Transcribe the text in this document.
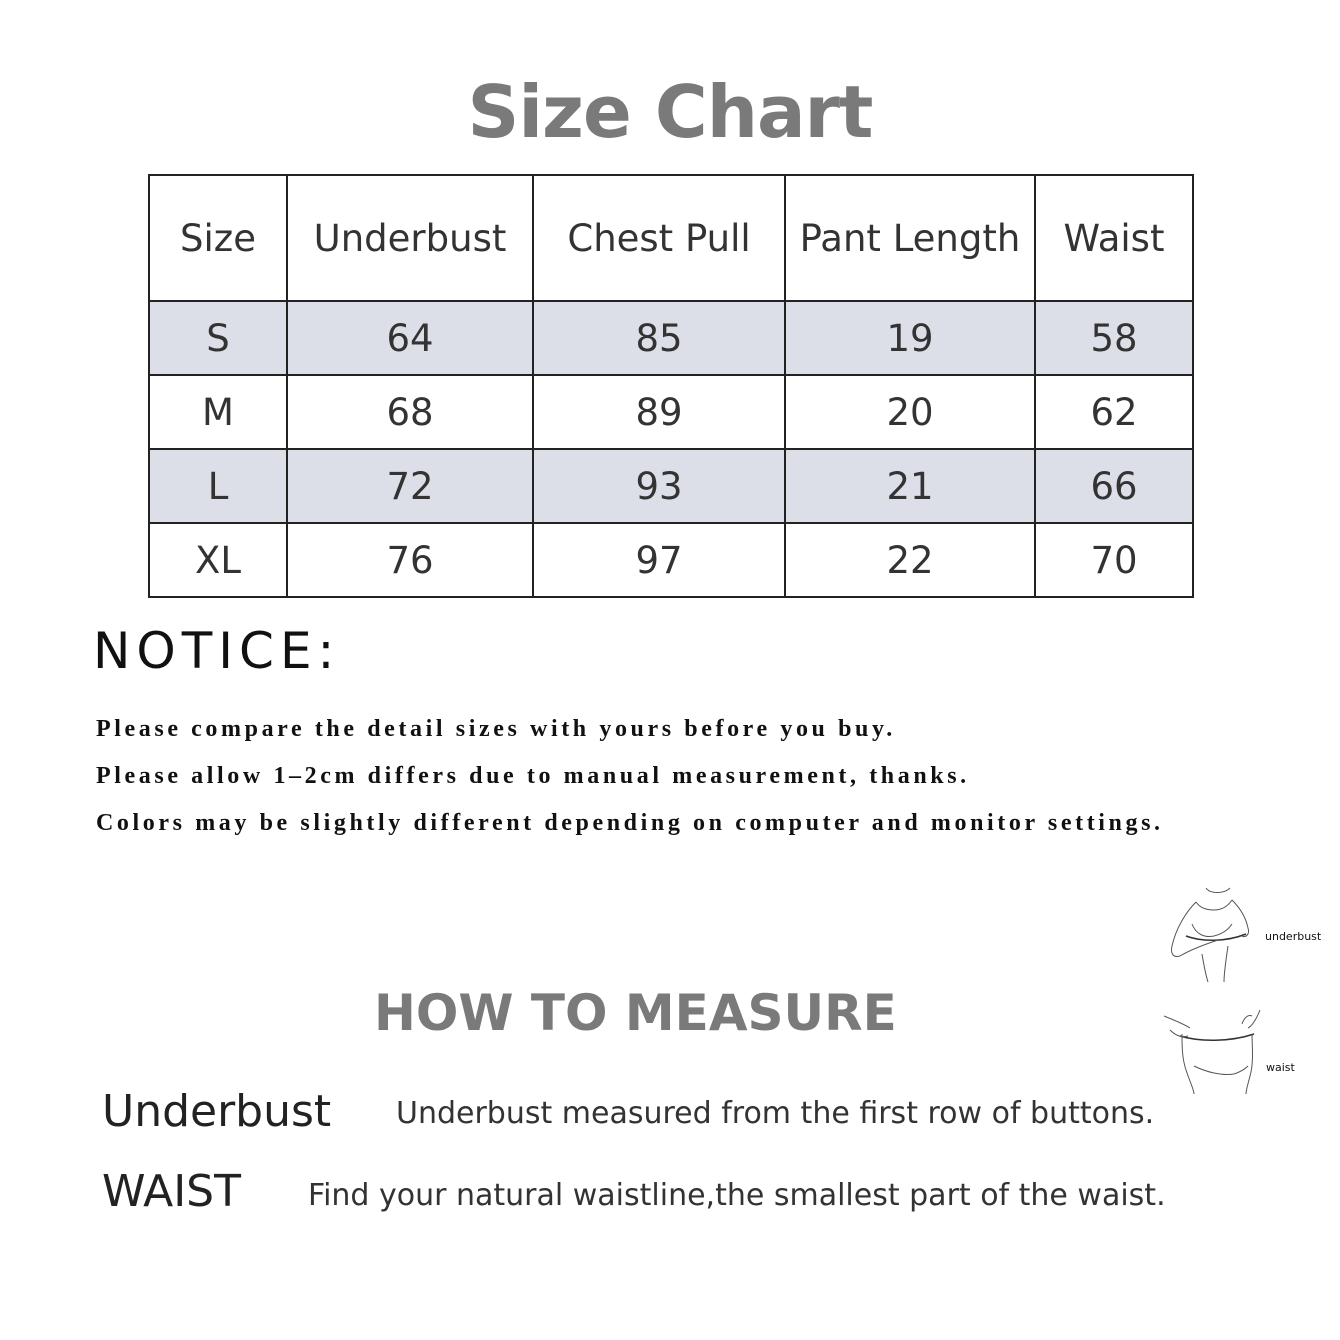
Size Chart
Size	Underbust	Chest Pull	Pant Length	Waist
S	64	85	19	58
M	68	89	20	62
L	72	93	21	66
XL	76	97	22	70
NOTICE:
Please compare the detail sizes with yours before you buy.
Please allow 1–2cm differs due to manual measurement, thanks.
Colors may be slightly different depending on computer and monitor settings.
underbust
waist
HOW TO MEASURE
Underbust Underbust measured from the first row of buttons.
WAIST Find your natural waistline,the smallest part of the waist.
